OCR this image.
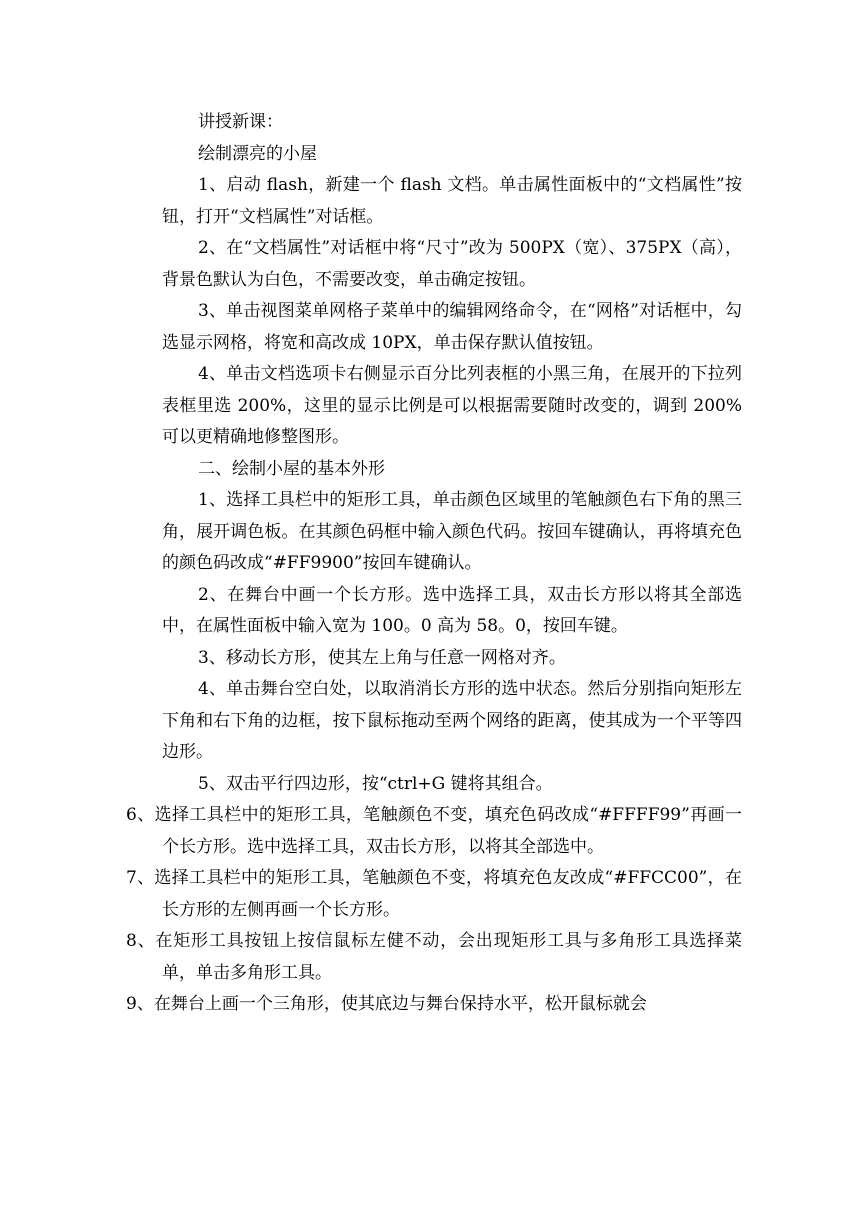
讲授新课：

绘制漂亮的小屋

1、启动 flash，新建一个 flash 文档。单击属性面板中的“文档属性”按钮，打开“文档属性”对话框。

2、在“文档属性”对话框中将“尺寸”改为 500PX（宽）、375PX（高），背景色默认为白色，不需要改变，单击确定按钮。

3、单击视图菜单网格子菜单中的编辑网络命令，在“网格”对话框中，勾选显示网格，将宽和高改成 10PX，单击保存默认值按钮。

4、单击文档选项卡右侧显示百分比列表框的小黑三角，在展开的下拉列表框里选 200%，这里的显示比例是可以根据需要随时改变的，调到 200%可以更精确地修整图形。

二、绘制小屋的基本外形

1、选择工具栏中的矩形工具，单击颜色区域里的笔触颜色右下角的黑三角，展开调色板。在其颜色码框中输入颜色代码。按回车键确认，再将填充色的颜色码改成“#FF9900”按回车键确认。

2、在舞台中画一个长方形。选中选择工具，双击长方形以将其全部选中，在属性面板中输入宽为 100。0 高为 58。0，按回车键。

3、移动长方形，使其左上角与任意一网格对齐。

4、单击舞台空白处，以取消消长方形的选中状态。然后分别指向矩形左下角和右下角的边框，按下鼠标拖动至两个网络的距离，使其成为一个平等四边形。

5、双击平行四边形，按“ctrl+G 键将其组合。

6、选择工具栏中的矩形工具，笔触颜色不变，填充色码改成“#FFFF99”再画一个长方形。选中选择工具，双击长方形，以将其全部选中。

7、选择工具栏中的矩形工具，笔触颜色不变，将填充色友改成“#FFCC00”，在长方形的左侧再画一个长方形。

8、在矩形工具按钮上按信鼠标左健不动，会出现矩形工具与多角形工具选择菜单，单击多角形工具。

9、在舞台上画一个三角形，使其底边与舞台保持水平，松开鼠标就会
